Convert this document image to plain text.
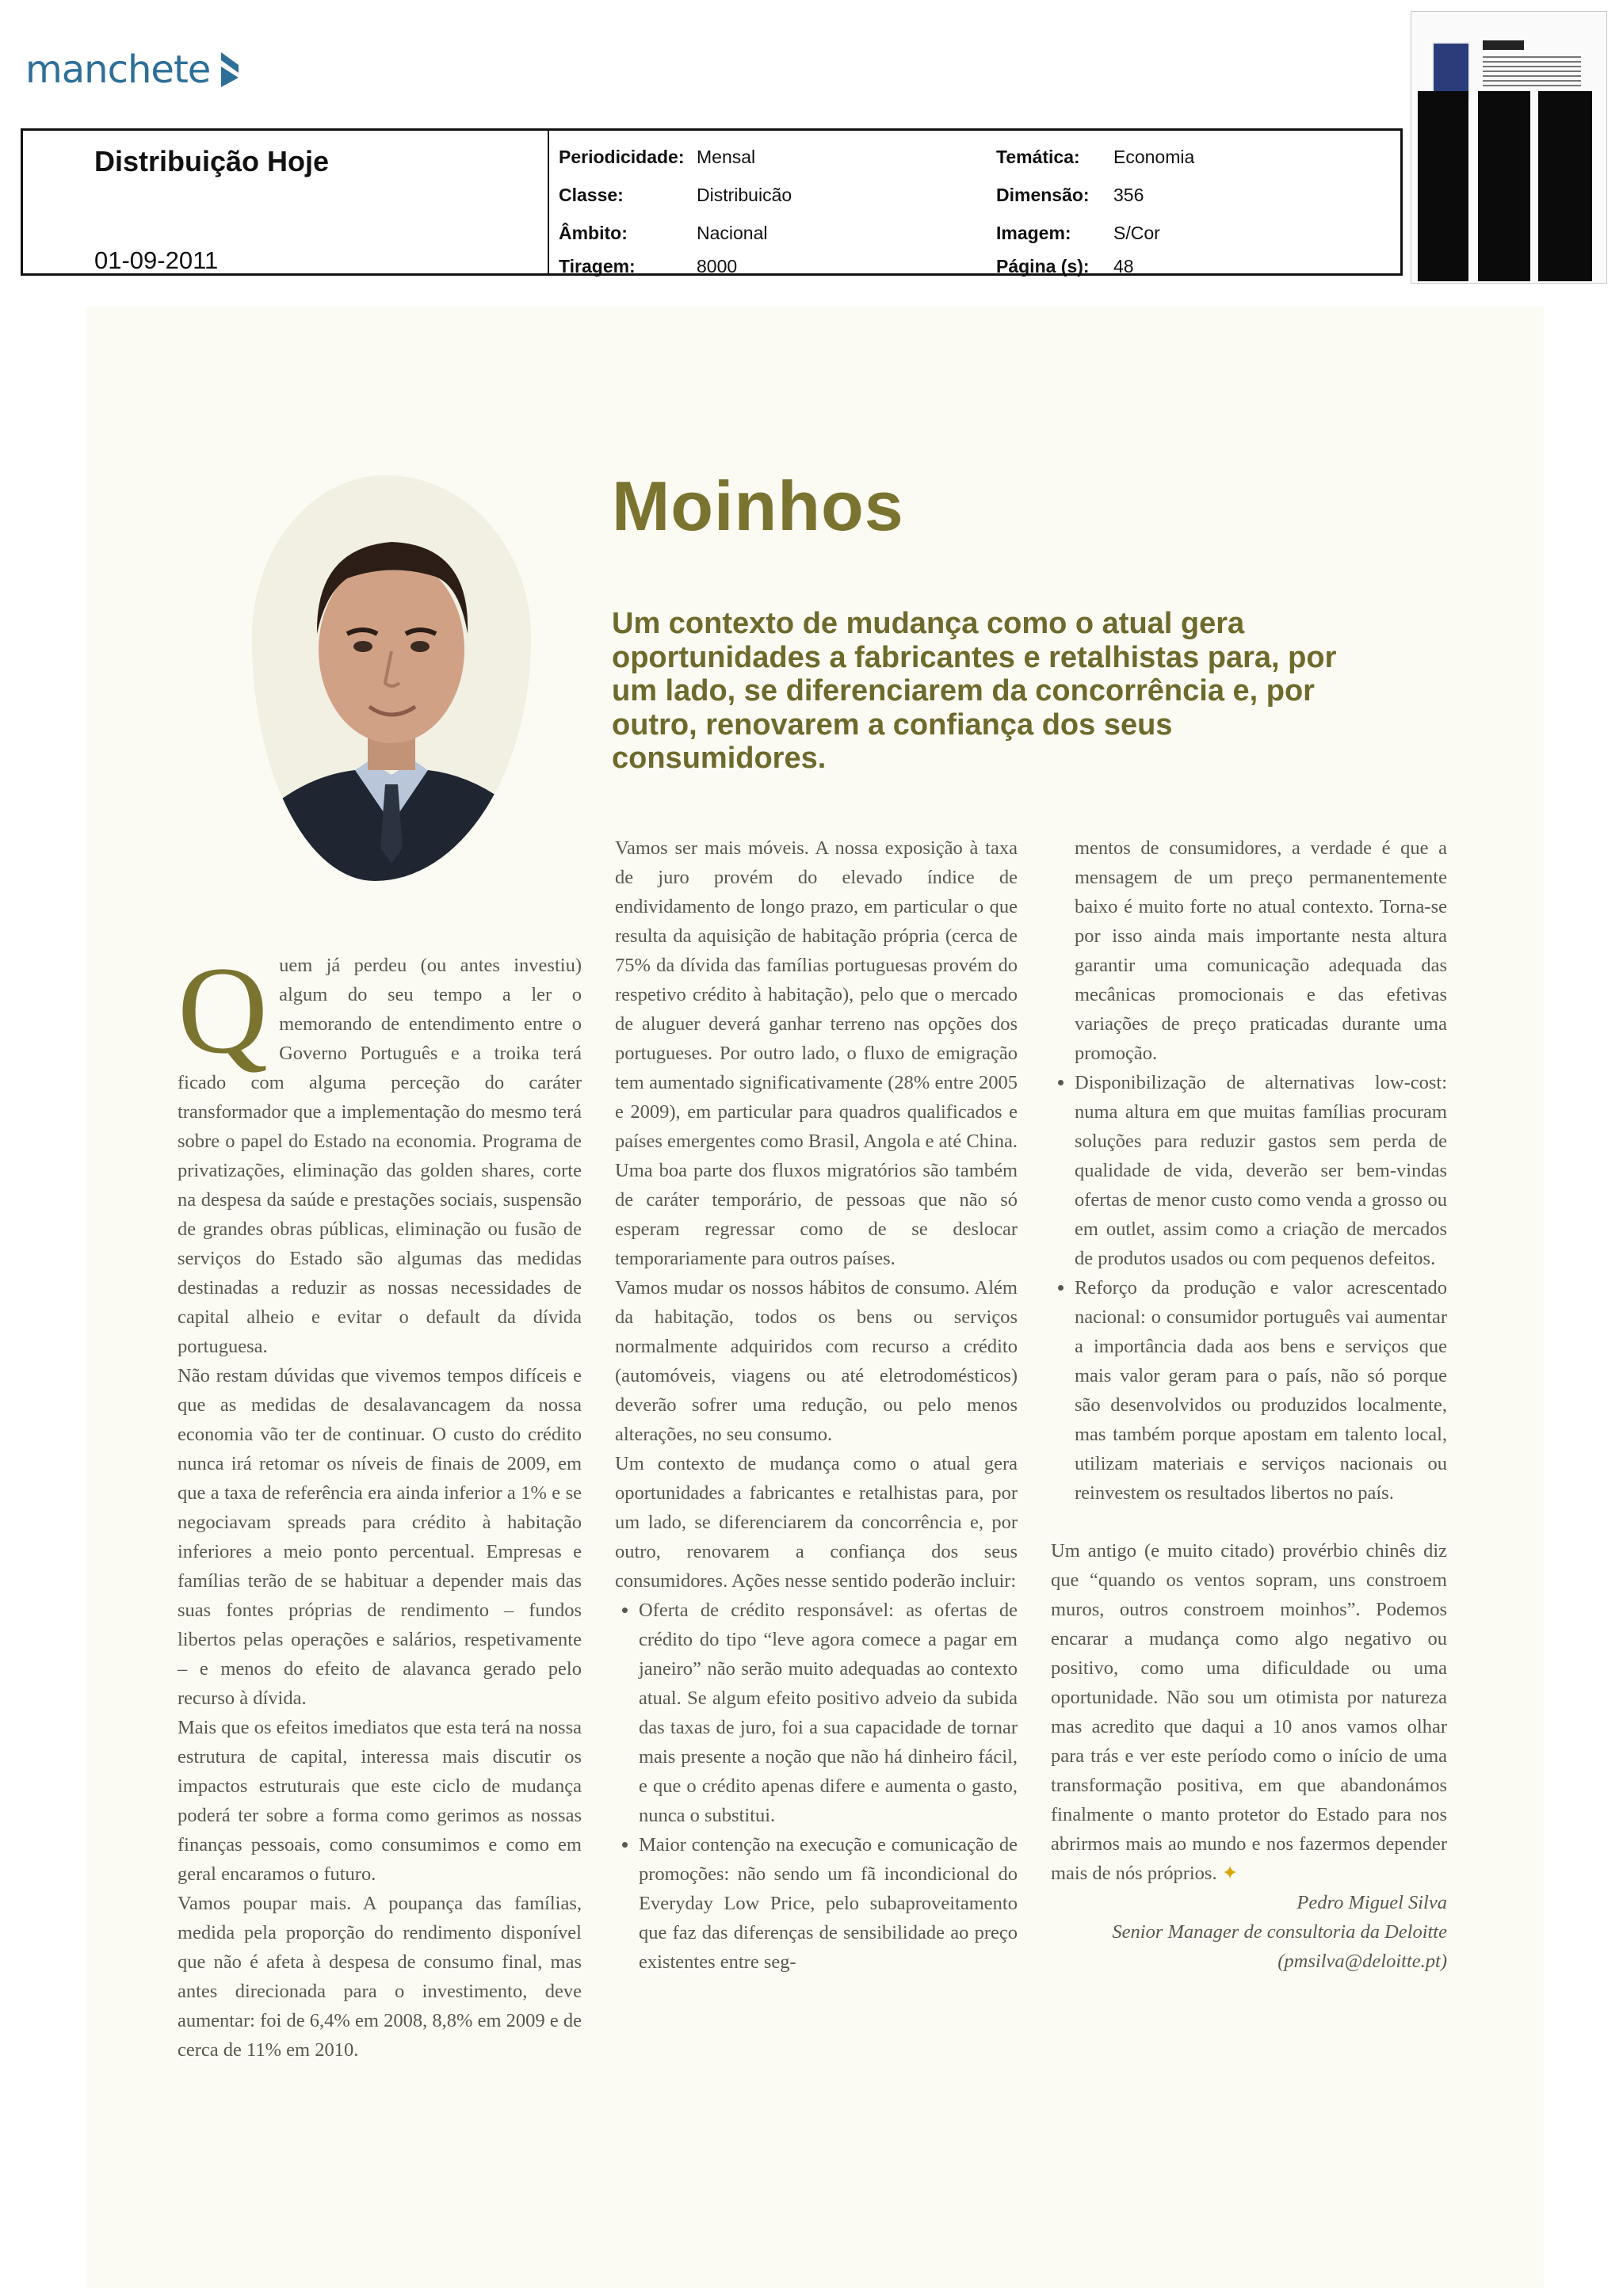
manchete
Distribuição Hoje
01-09-2011
Periodicidade: Mensal
Classe:	Distribuicão
Âmbito:	Nacional
Tiragem:	8000
Temática: Economia
Dimensão: 356
Imagem: S/Cor
Página (s): 48
Moinhos
Um contexto de mudança como o atual gera oportunidades a fabricantes e retalhistas para, por um lado, se diferenciarem da concorrência e, por outro, renovarem a confiança dos seus consumidores.
Q uem já perdeu (ou antes investiu) algum do seu tempo a ler o memorando de entendimento entre o Governo Português e a troika terá ficado com alguma perceção do caráter transformador que a implementação do mesmo terá sobre o papel do Estado na economia. Programa de privatizações, eliminação das golden shares, corte na despesa da saúde e prestações sociais, suspensão de grandes obras públicas, eliminação ou fusão de serviços do Estado são algumas das medidas destinadas a reduzir as nossas necessidades de capital alheio e evitar o default da dívida portuguesa.

Não restam dúvidas que vivemos tempos difíceis e que as medidas de desalavancagem da nossa economia vão ter de continuar. O custo do crédito nunca irá retomar os níveis de finais de 2009, em que a taxa de referência era ainda inferior a 1% e se negociavam spreads para crédito à habitação inferiores a meio ponto percentual. Empresas e famílias terão de se habituar a depender mais das suas fontes próprias de rendimento – fundos libertos pelas operações e salários, respetivamente – e menos do efeito de alavanca gerado pelo recurso à dívida.

Mais que os efeitos imediatos que esta terá na nossa estrutura de capital, interessa mais discutir os impactos estruturais que este ciclo de mudança poderá ter sobre a forma como gerimos as nossas finanças pessoais, como consumimos e como em geral encaramos o futuro.

Vamos poupar mais. A poupança das famílias, medida pela proporção do rendimento disponível que não é afeta à despesa de consumo final, mas antes direcionada para o investimento, deve aumentar: foi de 6,4% em 2008, 8,8% em 2009 e de cerca de 11% em 2010.

Vamos ser mais móveis. A nossa exposição à taxa de juro provém do elevado índice de endividamento de longo prazo, em particular o que resulta da aquisição de habitação própria (cerca de 75% da dívida das famílias portuguesas provém do respetivo crédito à habitação), pelo que o mercado de aluguer deverá ganhar terreno nas opções dos portugueses. Por outro lado, o fluxo de emigração tem aumentado significativamente (28% entre 2005 e 2009), em particular para quadros qualificados e países emergentes como Brasil, Angola e até China. Uma boa parte dos fluxos migratórios são também de caráter temporário, de pessoas que não só esperam regressar como de se deslocar temporariamente para outros países.

Vamos mudar os nossos hábitos de consumo. Além da habitação, todos os bens ou serviços normalmente adquiridos com recurso a crédito (automóveis, viagens ou até eletrodomésticos) deverão sofrer uma redução, ou pelo menos alterações, no seu consumo.

Um contexto de mudança como o atual gera oportunidades a fabricantes e retalhistas para, por um lado, se diferenciarem da concorrência e, por outro, renovarem a confiança dos seus consumidores. Ações nesse sentido poderão incluir:

• Oferta de crédito responsável: as ofertas de crédito do tipo “leve agora comece a pagar em janeiro” não serão muito adequadas ao contexto atual. Se algum efeito positivo adveio da subida das taxas de juro, foi a sua capacidade de tornar mais presente a noção que não há dinheiro fácil, e que o crédito apenas difere e aumenta o gasto, nunca o substitui.
• Maior contenção na execução e comunicação de promoções: não sendo um fã incondicional do Everyday Low Price, pelo subaproveitamento que faz das diferenças de sensibilidade ao preço existentes entre seg-

mentos de consumidores, a verdade é que a mensagem de um preço permanentemente baixo é muito forte no atual contexto. Torna-se por isso ainda mais importante nesta altura garantir uma comunicação adequada das mecânicas promocionais e das efetivas variações de preço praticadas durante uma promoção.

• Disponibilização de alternativas low-cost: numa altura em que muitas famílias procuram soluções para reduzir gastos sem perda de qualidade de vida, deverão ser bem-vindas ofertas de menor custo como venda a grosso ou em outlet, assim como a criação de mercados de produtos usados ou com pequenos defeitos.
• Reforço da produção e valor acrescentado nacional: o consumidor português vai aumentar a importância dada aos bens e serviços que mais valor geram para o país, não só porque são desenvolvidos ou produzidos localmente, mas também porque apostam em talento local, utilizam materiais e serviços nacionais ou reinvestem os resultados libertos no país.

Um antigo (e muito citado) provérbio chinês diz que “quando os ventos sopram, uns constroem muros, outros constroem moinhos”. Podemos encarar a mudança como algo negativo ou positivo, como uma dificuldade ou uma oportunidade. Não sou um otimista por natureza mas acredito que daqui a 10 anos vamos olhar para trás e ver este período como o início de uma transformação positiva, em que abandonámos finalmente o manto protetor do Estado para nos abrirmos mais ao mundo e nos fazermos depender mais de nós próprios. ✦

Pedro Miguel Silva

Senior Manager de consultoria da Deloitte

(pmsilva@deloitte.pt)
